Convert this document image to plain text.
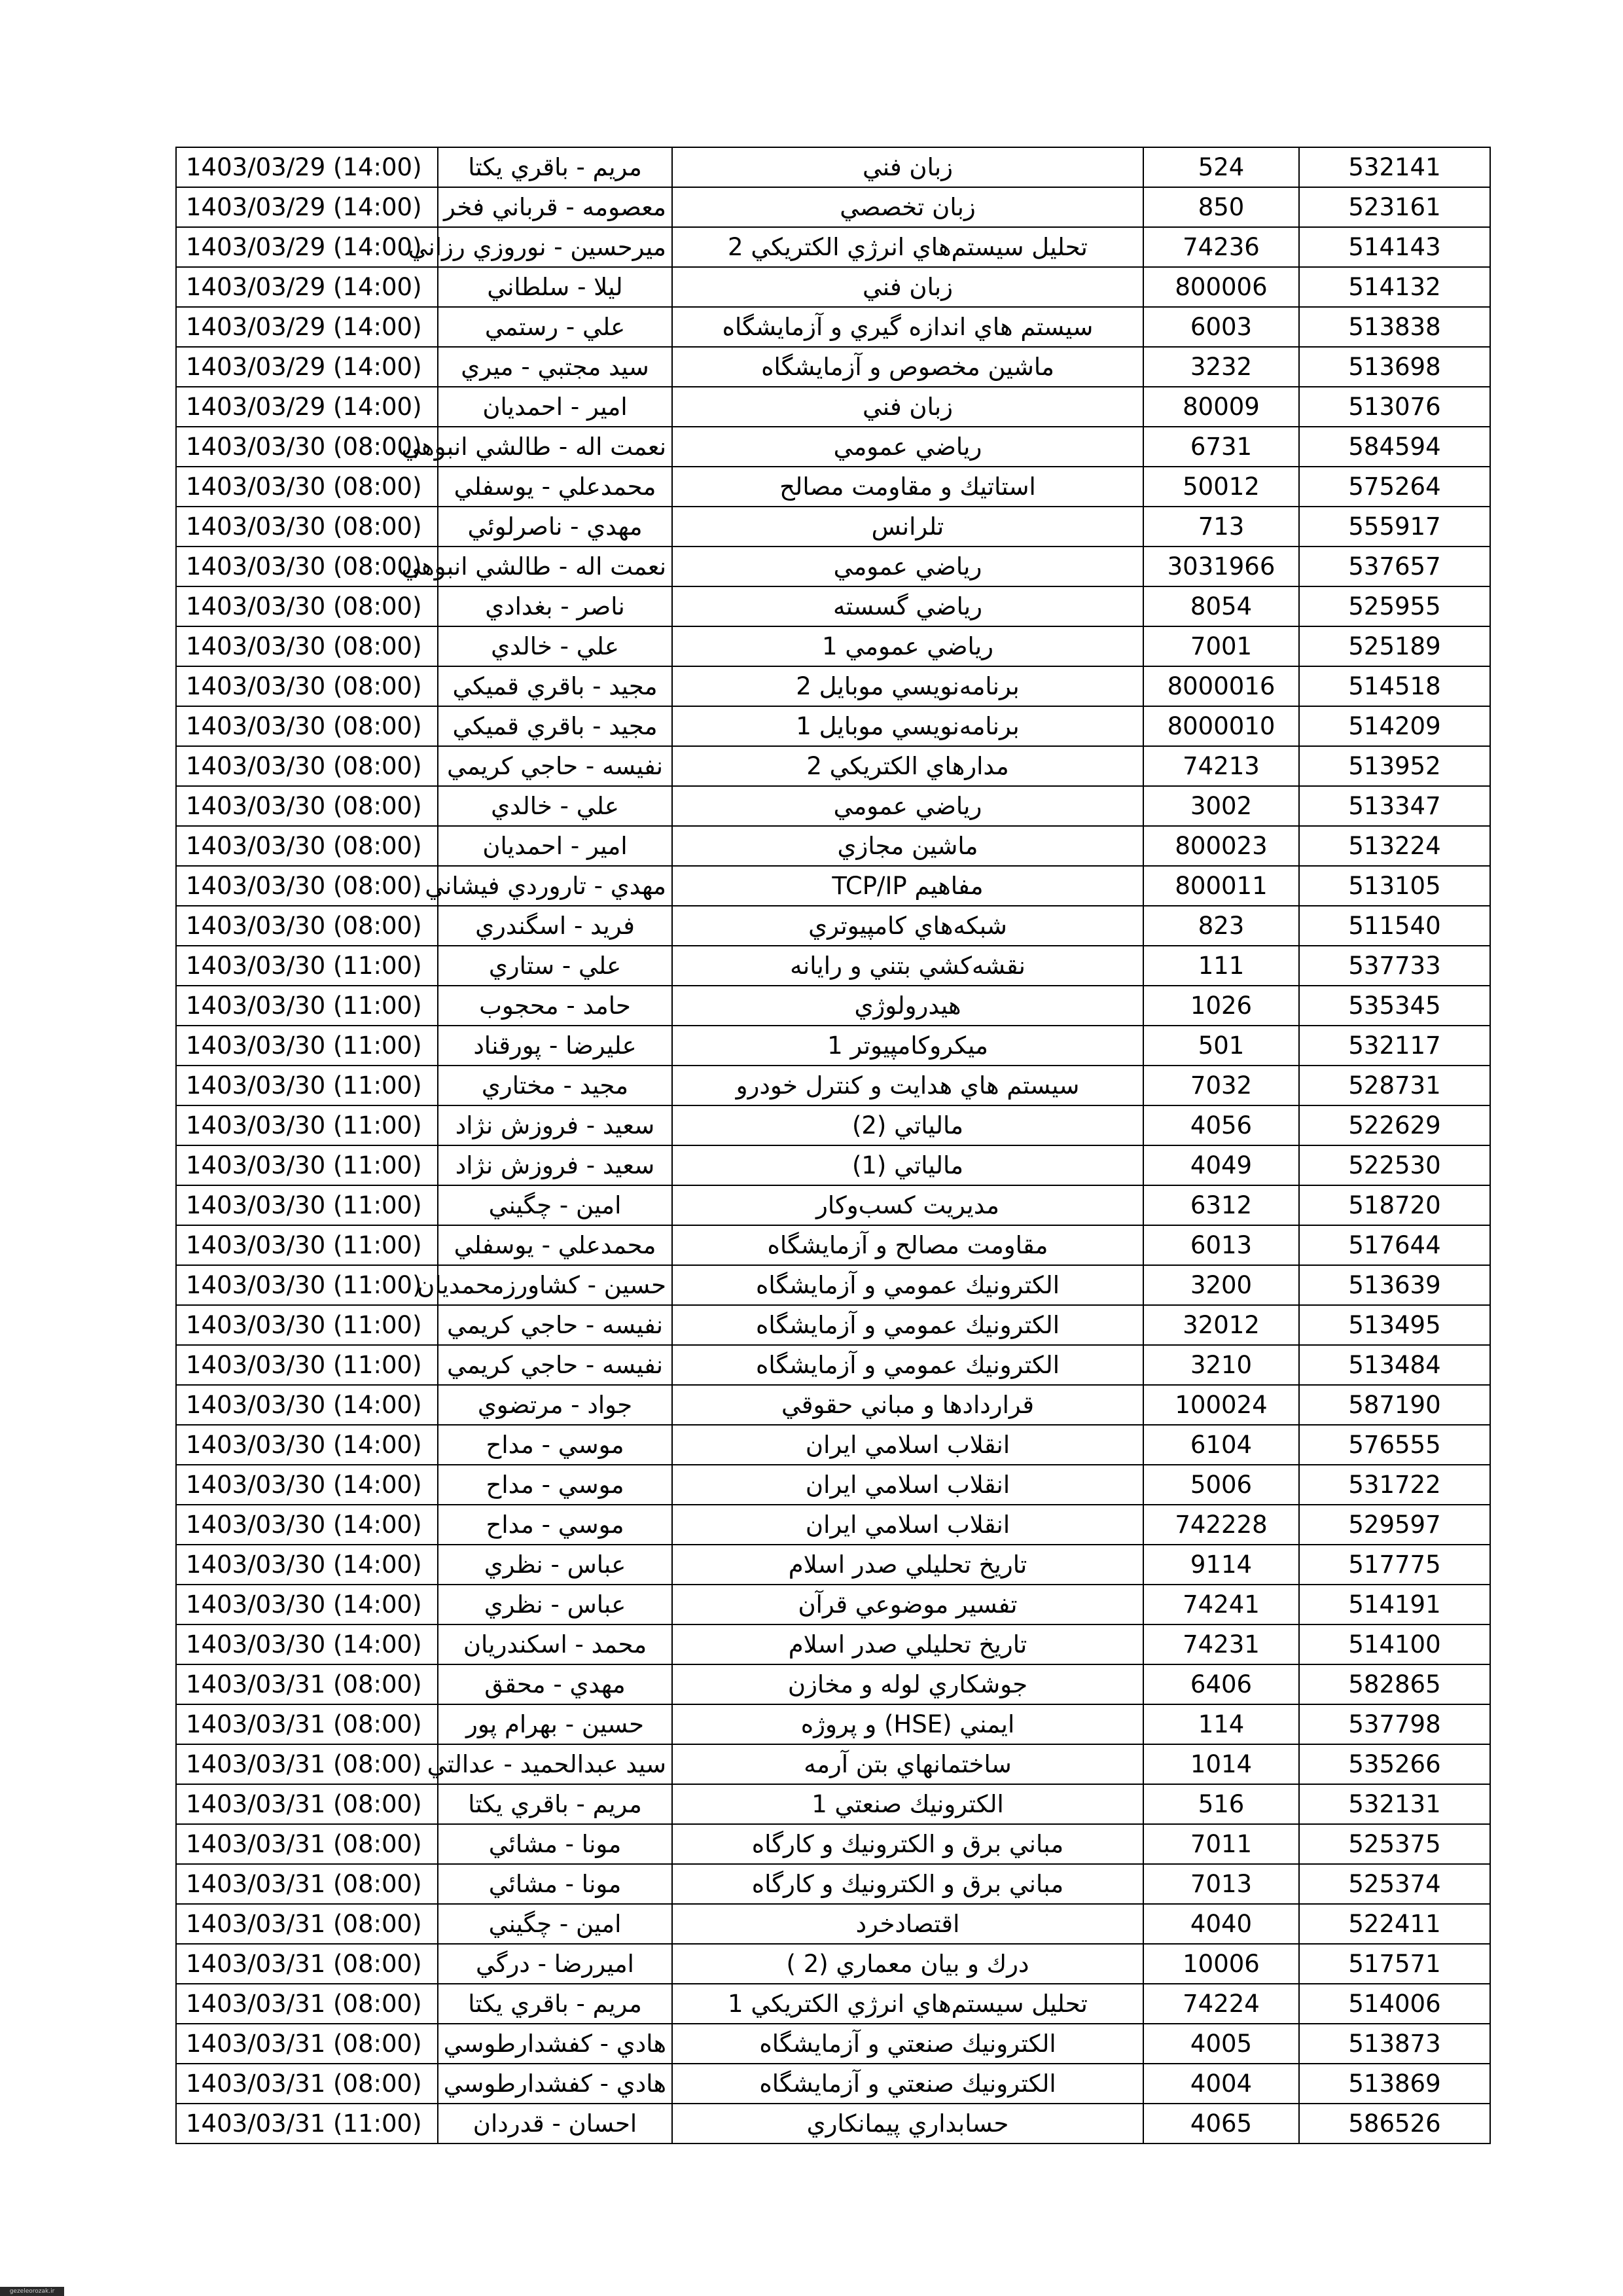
1403/03/29 (14:00)	مريم - باقري يكتا	زبان فني	524	532141
1403/03/29 (14:00)	معصومه - قرباني فخر	زبان تخصصي	850	523161
1403/03/29 (14:00)	ميرحسين - نوروزي رزاني	تحليل سيستم‌هاي انرژي الكتريكي 2	74236	514143
1403/03/29 (14:00)	ليلا - سلطاني	زبان فني	800006	514132
1403/03/29 (14:00)	علي - رستمي	سيستم هاي اندازه گيري و آزمايشگاه	6003	513838
1403/03/29 (14:00)	سيد مجتبي - ميري	ماشين مخصوص و آزمايشگاه	3232	513698
1403/03/29 (14:00)	امير - احمديان	زبان فني	80009	513076
1403/03/30 (08:00)	نعمت اله - طالشي انبوهي	رياضي عمومي	6731	584594
1403/03/30 (08:00)	محمدعلي - يوسفلي	استاتيك و مقاومت مصالح	50012	575264
1403/03/30 (08:00)	مهدي - ناصرلوئي	تلرانس	713	555917
1403/03/30 (08:00)	نعمت اله - طالشي انبوهي	رياضي عمومي	3031966	537657
1403/03/30 (08:00)	ناصر - بغدادي	رياضي گسسته	8054	525955
1403/03/30 (08:00)	علي - خالدي	رياضي عمومي 1	7001	525189
1403/03/30 (08:00)	مجيد - باقري قميكي	برنامه‌نويسي موبايل 2	8000016	514518
1403/03/30 (08:00)	مجيد - باقري قميكي	برنامه‌نويسي موبايل 1	8000010	514209
1403/03/30 (08:00)	نفيسه - حاجي كريمي	مدارهاي الكتريكي 2	74213	513952
1403/03/30 (08:00)	علي - خالدي	رياضي عمومي	3002	513347
1403/03/30 (08:00)	امير - احمديان	ماشين مجازي	800023	513224
1403/03/30 (08:00)	مهدي - تاروردي فيشاني	مفاهيم TCP/IP	800011	513105
1403/03/30 (08:00)	فريد - اسگندري	شبكه‌هاي كامپيوتري	823	511540
1403/03/30 (11:00)	علي - ستاري	نقشه‌كشي بتني و رايانه	111	537733
1403/03/30 (11:00)	حامد - محجوب	هيدرولوژي	1026	535345
1403/03/30 (11:00)	عليرضا - پورقناد	ميكروكامپيوتر 1	501	532117
1403/03/30 (11:00)	مجيد - مختاري	سيستم هاي هدايت و كنترل خودرو	7032	528731
1403/03/30 (11:00)	سعيد - فروزش نژاد	مالياتي (2)	4056	522629
1403/03/30 (11:00)	سعيد - فروزش نژاد	مالياتي (1)	4049	522530
1403/03/30 (11:00)	امين - چگيني	مديريت كسب‌وكار	6312	518720
1403/03/30 (11:00)	محمدعلي - يوسفلي	مقاومت مصالح و آزمايشگاه	6013	517644
1403/03/30 (11:00)	حسين - كشاورزمحمديان	الكترونيك عمومي و آزمايشگاه	3200	513639
1403/03/30 (11:00)	نفيسه - حاجي كريمي	الكترونيك عمومي و آزمايشگاه	32012	513495
1403/03/30 (11:00)	نفيسه - حاجي كريمي	الكترونيك عمومي و آزمايشگاه	3210	513484
1403/03/30 (14:00)	جواد - مرتضوي	قراردادها و مباني حقوقي	100024	587190
1403/03/30 (14:00)	موسي - مداح	انقلاب اسلامي ايران	6104	576555
1403/03/30 (14:00)	موسي - مداح	انقلاب اسلامي ايران	5006	531722
1403/03/30 (14:00)	موسي - مداح	انقلاب اسلامي ايران	742228	529597
1403/03/30 (14:00)	عباس - نظري	تاريخ تحليلي صدر اسلام	9114	517775
1403/03/30 (14:00)	عباس - نظري	تفسير موضوعي قرآن	74241	514191
1403/03/30 (14:00)	محمد - اسكندريان	تاريخ تحليلي صدر اسلام	74231	514100
1403/03/31 (08:00)	مهدي - محقق	جوشكاري لوله و مخازن	6406	582865
1403/03/31 (08:00)	حسين - بهرام پور	ايمني (HSE) و پروژه	114	537798
1403/03/31 (08:00)	سيد عبدالحميد - عدالتي	ساختمانهاي بتن آرمه	1014	535266
1403/03/31 (08:00)	مريم - باقري يكتا	الكترونيك صنعتي 1	516	532131
1403/03/31 (08:00)	مونا - مشائي	مباني برق و الكترونيك و كارگاه	7011	525375
1403/03/31 (08:00)	مونا - مشائي	مباني برق و الكترونيك و كارگاه	7013	525374
1403/03/31 (08:00)	امين - چگيني	اقتصادخرد	4040	522411
1403/03/31 (08:00)	اميررضا - درگي	درك و بيان معماري (2 )	10006	517571
1403/03/31 (08:00)	مريم - باقري يكتا	تحليل سيستم‌هاي انرژي الكتريكي 1	74224	514006
1403/03/31 (08:00)	هادي - كفشدارطوسي	الكترونيك صنعتي و آزمايشگاه	4005	513873
1403/03/31 (08:00)	هادي - كفشدارطوسي	الكترونيك صنعتي و آزمايشگاه	4004	513869
1403/03/31 (11:00)	احسان - قدردان	حسابداري پيمانكاري	4065	586526
gezeleorozak.ir
